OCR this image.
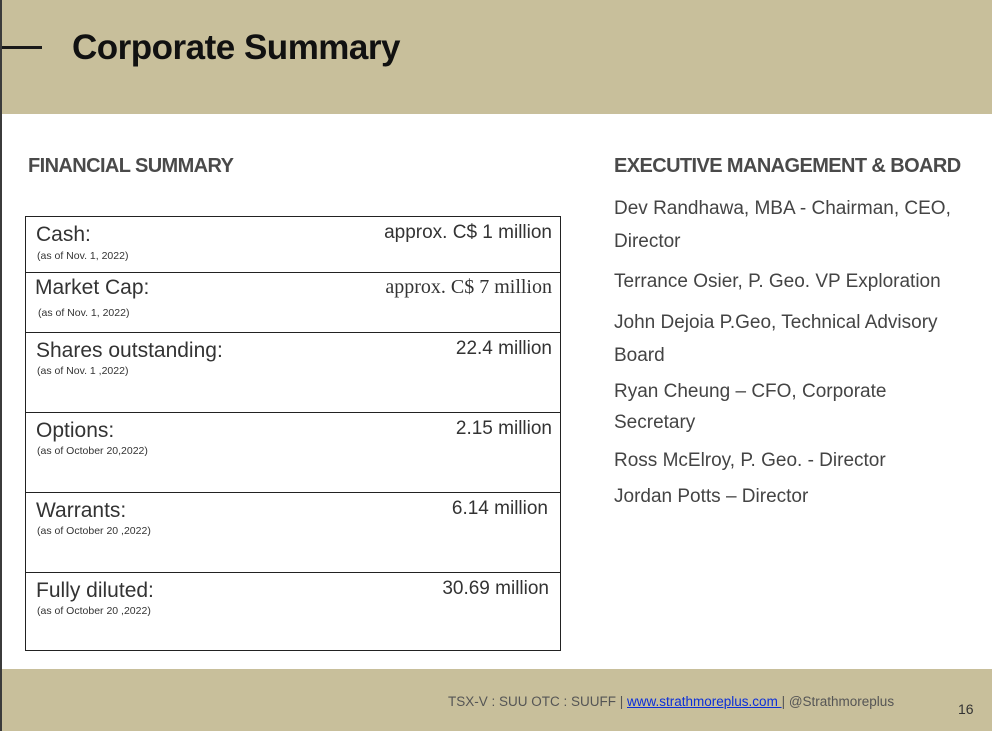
Corporate Summary
FINANCIAL SUMMARY	EXECUTIVE MANAGEMENT & BOARD
Cash:
(as of Nov. 1, 2022)
approx. C$ 1 million
Market Cap:
(as of Nov. 1, 2022)
approx. C$ 7 million
Shares outstanding:
(as of Nov. 1 ,2022)
22.4 million
Options:
(as of October 20,2022)
2.15 million
Warrants:
(as of October 20 ,2022)
6.14 million
Fully diluted:
(as of October 20 ,2022)
30.69 million
Dev Randhawa, MBA - Chairman, CEO, Director
Terrance Osier, P. Geo. VP Exploration
John Dejoia P.Geo, Technical Advisory Board
Ryan Cheung – CFO, Corporate Secretary
Ross McElroy, P. Geo. - Director
Jordan Potts – Director
TSX-V : SUU OTC : SUUFF | www.strathmoreplus.com | @Strathmoreplus	16
